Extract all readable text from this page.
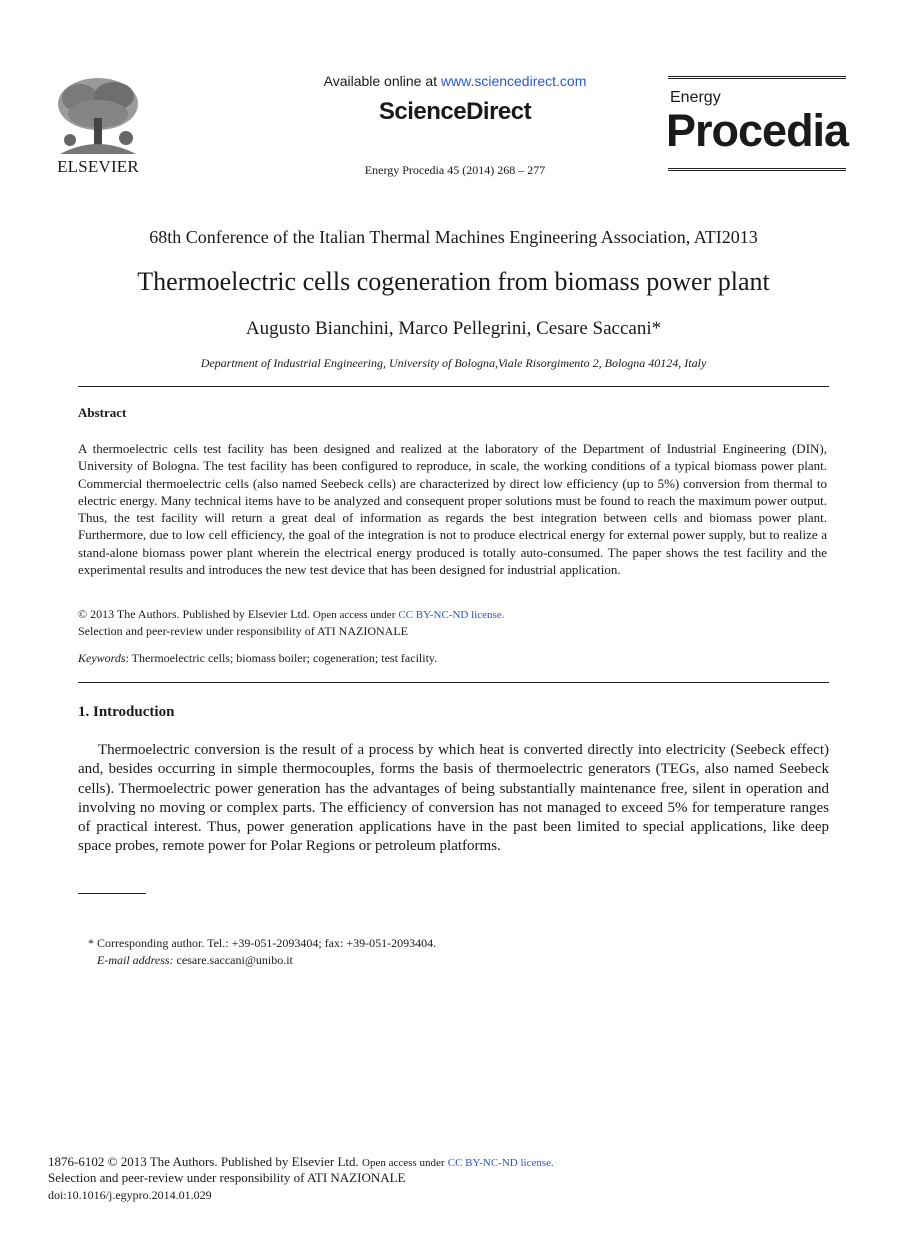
ELSEVIER
Available online at www.sciencedirect.com
ScienceDirect
Energy Procedia 45 (2014) 268 – 277
Energy
Procedia
68th Conference of the Italian Thermal Machines Engineering Association, ATI2013
Thermoelectric cells cogeneration from biomass power plant
Augusto Bianchini, Marco Pellegrini, Cesare Saccani*
Department of Industrial Engineering, University of Bologna,Viale Risorgimento 2, Bologna 40124, Italy
Abstract
A thermoelectric cells test facility has been designed and realized at the laboratory of the Department of Industrial Engineering (DIN), University of Bologna. The test facility has been configured to reproduce, in scale, the working conditions of a typical biomass power plant. Commercial thermoelectric cells (also named Seebeck cells) are characterized by direct low efficiency (up to 5%) conversion from thermal to electric energy. Many technical items have to be analyzed and consequent proper solutions must be found to reach the maximum power output. Thus, the test facility will return a great deal of information as regards the best integration between cells and biomass power plant. Furthermore, due to low cell efficiency, the goal of the integration is not to produce electrical energy for external power supply, but to realize a stand-alone biomass power plant wherein the electrical energy produced is totally auto-consumed. The paper shows the test facility and the experimental results and introduces the new test device that has been designed for industrial application.
© 2013 The Authors. Published by Elsevier Ltd. Open access under CC BY-NC-ND license.
Selection and peer-review under responsibility of ATI NAZIONALE
Keywords: Thermoelectric cells; biomass boiler; cogeneration; test facility.
1. Introduction
Thermoelectric conversion is the result of a process by which heat is converted directly into electricity (Seebeck effect) and, besides occurring in simple thermocouples, forms the basis of thermoelectric generators (TEGs, also named Seebeck cells). Thermoelectric power generation has the advantages of being substantially maintenance free, silent in operation and involving no moving or complex parts. The efficiency of conversion has not managed to exceed 5% for temperature ranges of practical interest. Thus, power generation applications have in the past been limited to special applications, like deep space probes, remote power for Polar Regions or petroleum platforms.
* Corresponding author. Tel.: +39-051-2093404; fax: +39-051-2093404.
E-mail address: cesare.saccani@unibo.it
1876-6102 © 2013 The Authors. Published by Elsevier Ltd. Open access under CC BY-NC-ND license.
Selection and peer-review under responsibility of ATI NAZIONALE
doi:10.1016/j.egypro.2014.01.029
